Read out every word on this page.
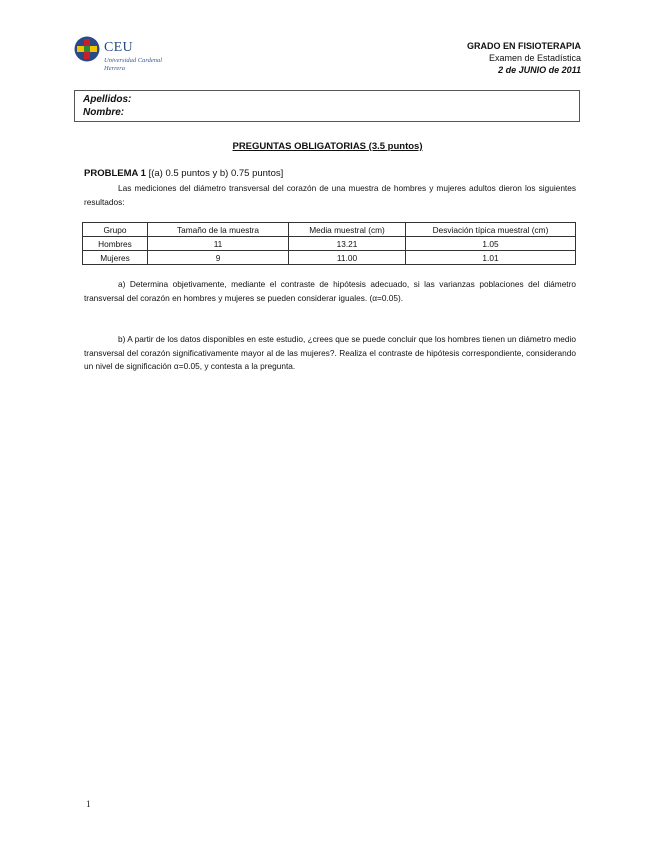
CEU
Universidad Cardenal Herrera
GRADO EN FISIOTERAPIA
Examen de Estadística
2 de JUNIO de 2011
Apellidos:
Nombre:
PREGUNTAS OBLIGATORIAS (3.5 puntos)
PROBLEMA 1 [(a) 0.5 puntos y b) 0.75 puntos]
Las mediciones del diámetro transversal del corazón de una muestra de hombres y mujeres adultos dieron los siguientes resultados:
Grupo	Tamaño de la muestra	Media muestral (cm)	Desviación típica muestral (cm)
Hombres	11	13.21	1.05
Mujeres	9	11.00	1.01
a) Determina objetivamente, mediante el contraste de hipótesis adecuado, si las varianzas poblaciones del diámetro transversal del corazón en hombres y mujeres se pueden considerar iguales. (α=0.05).
b) A partir de los datos disponibles en este estudio, ¿crees que se puede concluir que los hombres tienen un diámetro medio transversal del corazón significativamente mayor al de las mujeres?. Realiza el contraste de hipótesis correspondiente, considerando un nivel de significación α=0.05, y contesta a la pregunta.
1
